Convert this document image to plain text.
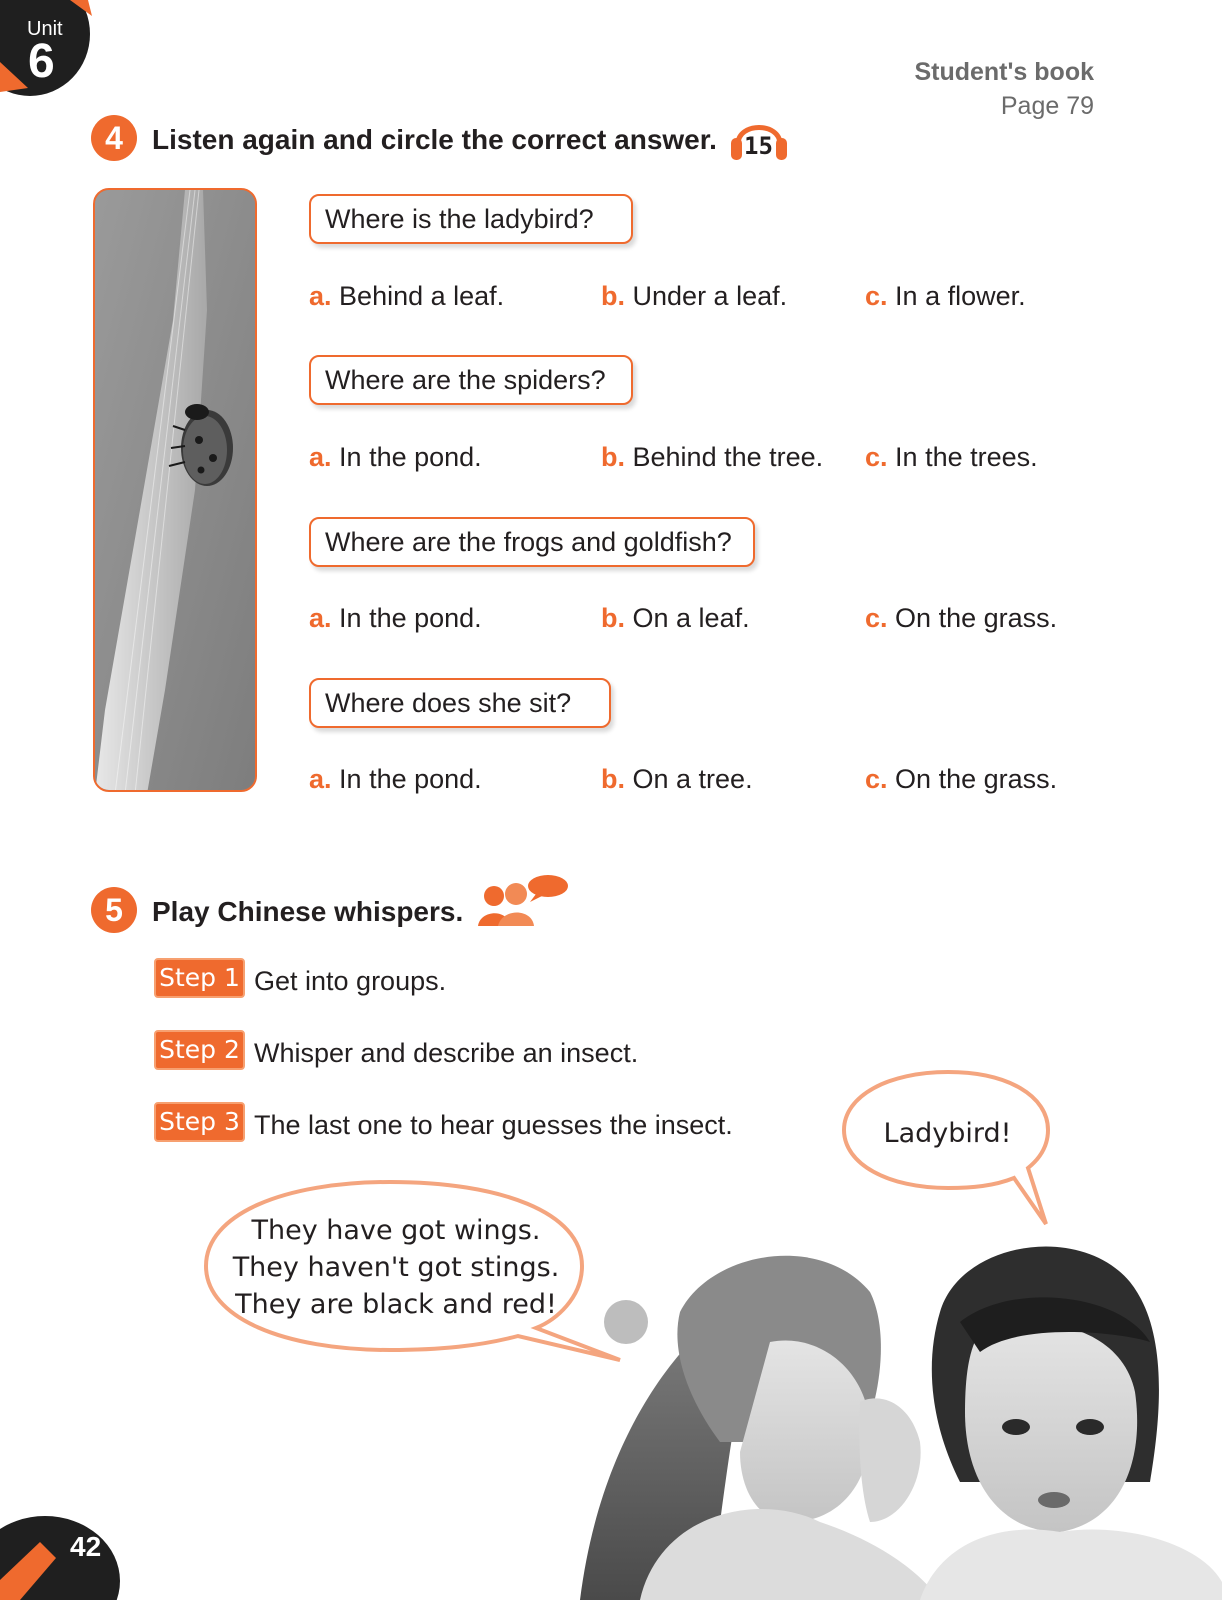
Unit
6	Student's book
Page 79
4	Listen again and circle the correct answer. 15
Where is the ladybird?
a. Behind a leaf.	b. Under a leaf.	c. In a flower.
Where are the spiders?
a. In the pond.	b. Behind the tree. c. In the trees.
Where are the frogs and goldfish?
a. In the pond.	b. On a leaf.	c. On the grass.
Where does she sit?
a. In the pond.	b. On a tree.	c. On the grass.
5	Play Chinese whispers.
Step 1 Get into groups.
Step 2 Whisper and describe an insect.
Step 3 The last one to hear guesses the insect.
They have got wings.
They haven't got stings.
They are black and red!
Ladybird!
42
